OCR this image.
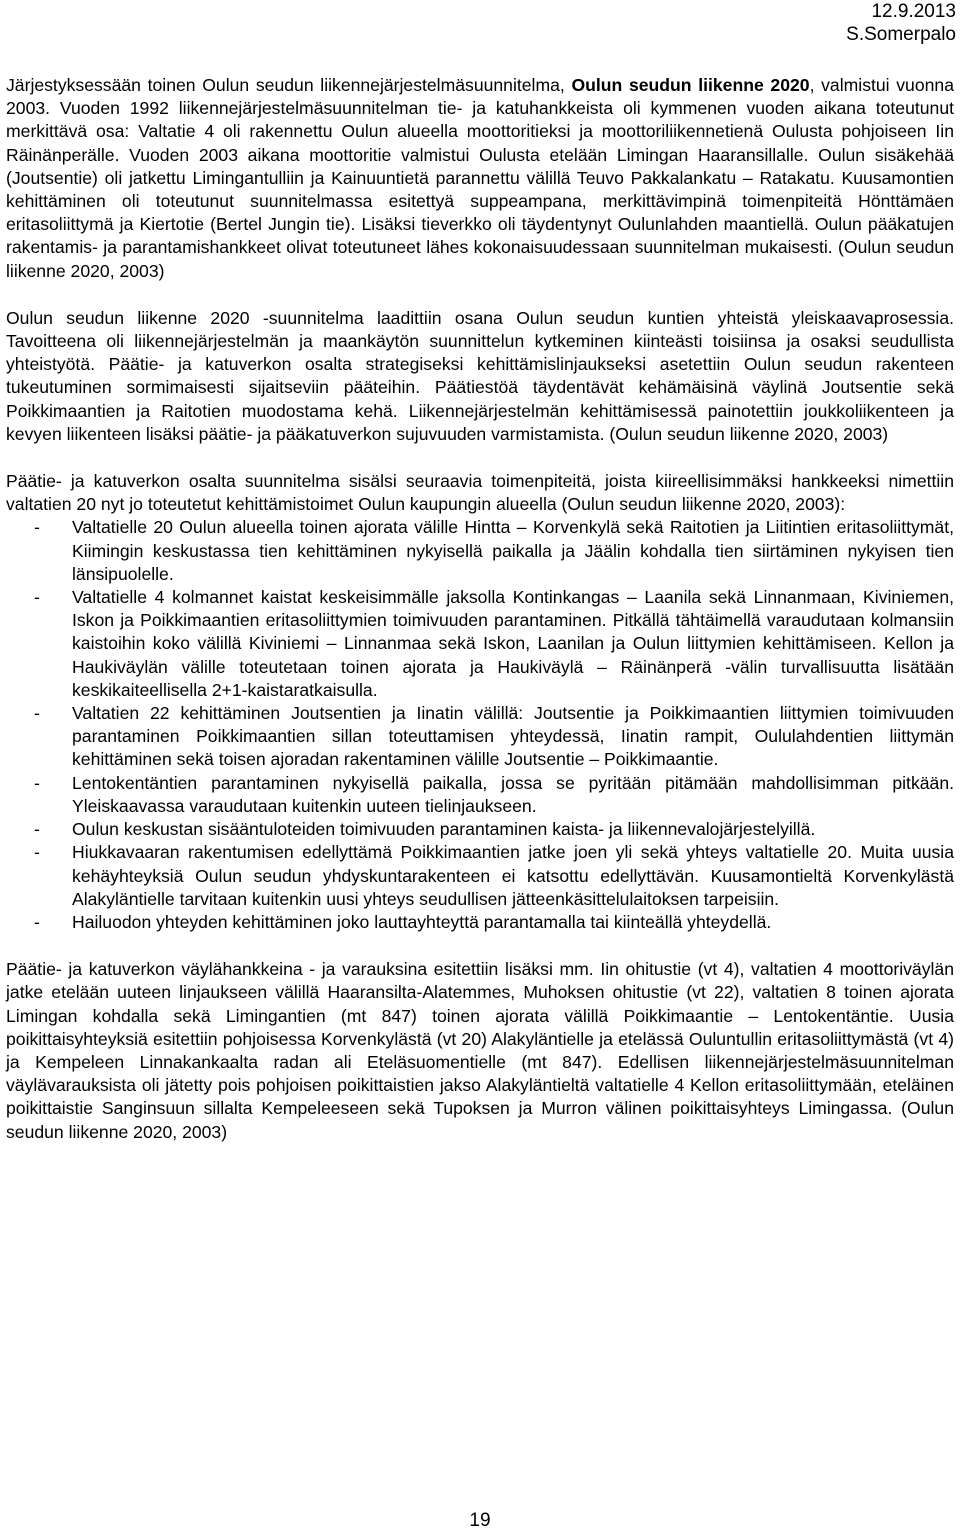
12.9.2013
S.Somerpalo

Järjestyksessään toinen Oulun seudun liikennejärjestelmäsuunnitelma, Oulun seudun liikenne 2020, valmistui vuonna 2003. Vuoden 1992 liikennejärjestelmäsuunnitelman tie- ja katuhankkeista oli kymmenen vuoden aikana toteutunut merkittävä osa: Valtatie 4 oli rakennettu Oulun alueella moottoritieksi ja moottoriliikennetienä Oulusta pohjoiseen Iin Räinänperälle. Vuoden 2003 aikana moottoritie valmistui Oulusta etelään Limingan Haaransillalle. Oulun sisäkehää (Joutsentie) oli jatkettu Limingantulliin ja Kainuuntietä parannettu välillä Teuvo Pakkalankatu – Ratakatu. Kuusamontien kehittäminen oli toteutunut suunnitelmassa esitettyä suppeampana, merkittävimpinä toimenpiteitä Hönttämäen eritasoliittymä ja Kiertotie (Bertel Jungin tie). Lisäksi tieverkko oli täydentynyt Oulunlahden maantiellä. Oulun pääkatujen rakentamis- ja parantamishankkeet olivat toteutuneet lähes kokonaisuudessaan suunnitelman mukaisesti. (Oulun seudun liikenne 2020, 2003)

Oulun seudun liikenne 2020 -suunnitelma laadittiin osana Oulun seudun kuntien yhteistä yleiskaavaprosessia. Tavoitteena oli liikennejärjestelmän ja maankäytön suunnittelun kytkeminen kiinteästi toisiinsa ja osaksi seudullista yhteistyötä. Päätie- ja katuverkon osalta strategiseksi kehittämislinjaukseksi asetettiin Oulun seudun rakenteen tukeutuminen sormimaisesti sijaitseviin pääteihin. Päätiestöä täydentävät kehämäisinä väylinä Joutsentie sekä Poikkimaantien ja Raitotien muodostama kehä. Liikennejärjestelmän kehittämisessä painotettiin joukkoliikenteen ja kevyen liikenteen lisäksi päätie- ja pääkatuverkon sujuvuuden varmistamista. (Oulun seudun liikenne 2020, 2003)

Päätie- ja katuverkon osalta suunnitelma sisälsi seuraavia toimenpiteitä, joista kiireellisimmäksi hankkeeksi nimettiin valtatien 20 nyt jo toteutetut kehittämistoimet Oulun kaupungin alueella (Oulun seudun liikenne 2020, 2003):

- Valtatielle 20 Oulun alueella toinen ajorata välille Hintta – Korvenkylä sekä Raitotien ja Liitintien eritasoliittymät, Kiimingin keskustassa tien kehittäminen nykyisellä paikalla ja Jäälin kohdalla tien siirtäminen nykyisen tien länsipuolelle.
- Valtatielle 4 kolmannet kaistat keskeisimmälle jaksolla Kontinkangas – Laanila sekä Linnanmaan, Kiviniemen, Iskon ja Poikkimaantien eritasoliittymien toimivuuden parantaminen. Pitkällä tähtäimellä varaudutaan kolmansiin kaistoihin koko välillä Kiviniemi – Linnanmaa sekä Iskon, Laanilan ja Oulun liittymien kehittämiseen. Kellon ja Haukiväylän välille toteutetaan toinen ajorata ja Haukiväylä – Räinänperä -välin turvallisuutta lisätään keskikaiteellisella 2+1-kaistaratkaisulla.
- Valtatien 22 kehittäminen Joutsentien ja Iinatin välillä: Joutsentie ja Poikkimaantien liittymien toimivuuden parantaminen Poikkimaantien sillan toteuttamisen yhteydessä, Iinatin rampit, Oululahdentien liittymän kehittäminen sekä toisen ajoradan rakentaminen välille Joutsentie – Poikkimaantie.
- Lentokentäntien parantaminen nykyisellä paikalla, jossa se pyritään pitämään mahdollisimman pitkään. Yleiskaavassa varaudutaan kuitenkin uuteen tielinjaukseen.
- Oulun keskustan sisääntuloteiden toimivuuden parantaminen kaista- ja liikennevalojärjestelyillä.
- Hiukkavaaran rakentumisen edellyttämä Poikkimaantien jatke joen yli sekä yhteys valtatielle 20. Muita uusia kehäyhteyksiä Oulun seudun yhdyskuntarakenteen ei katsottu edellyttävän. Kuusamontieltä Korvenkylästä Alakyläntielle tarvitaan kuitenkin uusi yhteys seudullisen jätteenkäsittelulaitoksen tarpeisiin.
- Hailuodon yhteyden kehittäminen joko lauttayhteyttä parantamalla tai kiinteällä yhteydellä.

Päätie- ja katuverkon väylähankkeina - ja varauksina esitettiin lisäksi mm. Iin ohitustie (vt 4), valtatien 4 moottoriväylän jatke etelään uuteen linjaukseen välillä Haaransilta-Alatemmes, Muhoksen ohitustie (vt 22), valtatien 8 toinen ajorata Limingan kohdalla sekä Limingantien (mt 847) toinen ajorata välillä Poikkimaantie – Lentokentäntie. Uusia poikittaisyhteyksiä esitettiin pohjoisessa Korvenkylästä (vt 20) Alakyläntielle ja etelässä Ouluntullin eritasoliittymästä (vt 4) ja Kempeleen Linnakankaalta radan ali Eteläsuomentielle (mt 847). Edellisen liikennejärjestelmäsuunnitelman väylävarauksista oli jätetty pois pohjoisen poikittaistien jakso Alakyläntieltä valtatielle 4 Kellon eritasoliittymään, eteläinen poikittaistie Sanginsuun sillalta Kempeleeseen sekä Tupoksen ja Murron välinen poikittaisyhteys Limingassa. (Oulun seudun liikenne 2020, 2003)

19
